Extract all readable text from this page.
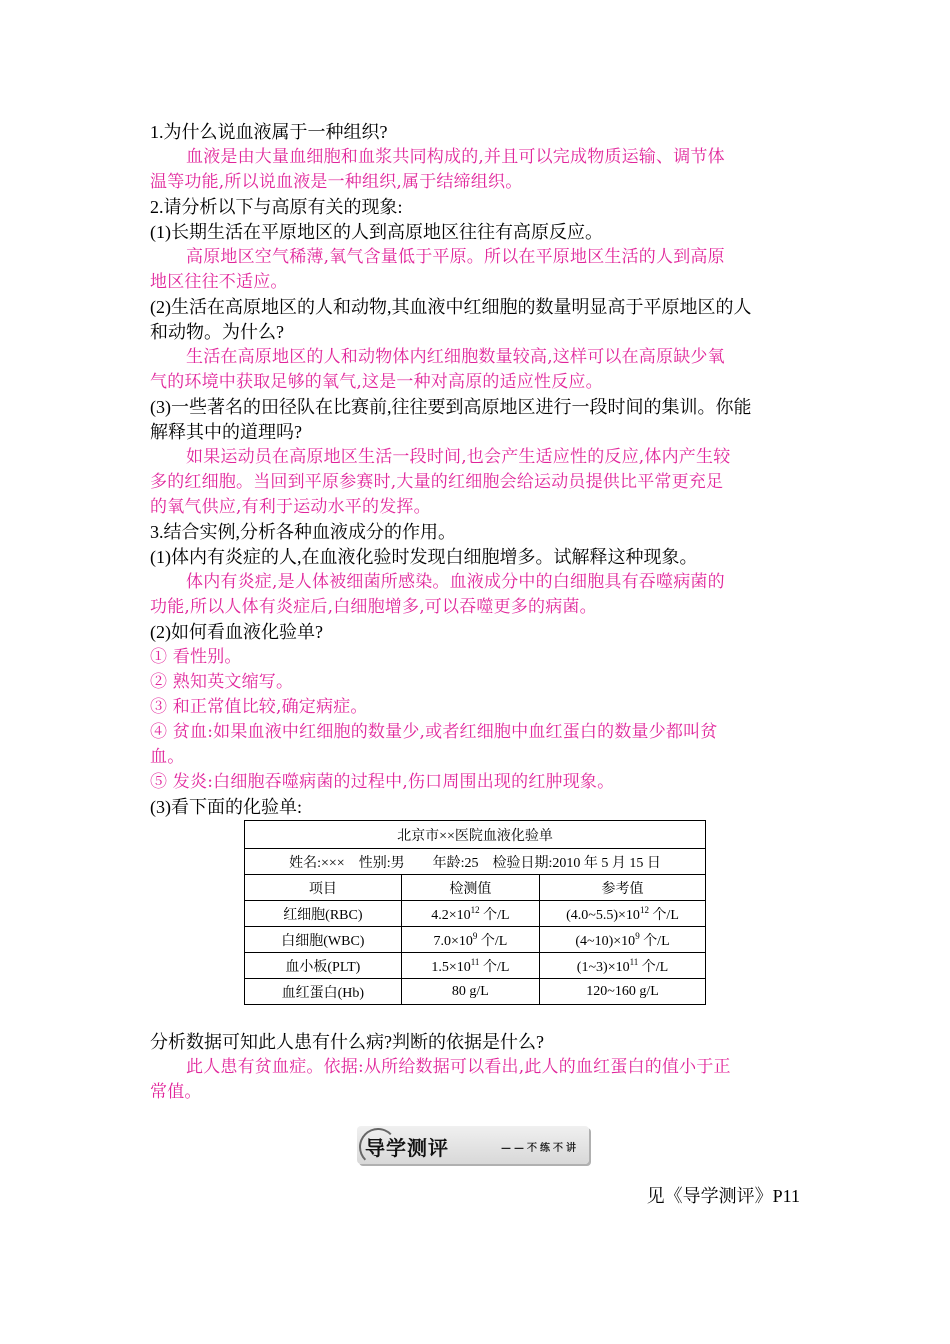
1.为什么说血液属于一种组织?

血液是由大量血细胞和血浆共同构成的,并且可以完成物质运输、调节体

温等功能,所以说血液是一种组织,属于结缔组织。

2.请分析以下与高原有关的现象:

(1)长期生活在平原地区的人到高原地区往往有高原反应。

高原地区空气稀薄,氧气含量低于平原。所以在平原地区生活的人到高原

地区往往不适应。

(2)生活在高原地区的人和动物,其血液中红细胞的数量明显高于平原地区的人

和动物。为什么?

生活在高原地区的人和动物体内红细胞数量较高,这样可以在高原缺少氧

气的环境中获取足够的氧气,这是一种对高原的适应性反应。

(3)一些著名的田径队在比赛前,往往要到高原地区进行一段时间的集训。你能

解释其中的道理吗?

如果运动员在高原地区生活一段时间,也会产生适应性的反应,体内产生较

多的红细胞。当回到平原参赛时,大量的红细胞会给运动员提供比平常更充足

的氧气供应,有利于运动水平的发挥。

3.结合实例,分析各种血液成分的作用。

(1)体内有炎症的人,在血液化验时发现白细胞增多。试解释这种现象。

体内有炎症,是人体被细菌所感染。血液成分中的白细胞具有吞噬病菌的

功能,所以人体有炎症后,白细胞增多,可以吞噬更多的病菌。

(2)如何看血液化验单?

① 看性别。

② 熟知英文缩写。

③ 和正常值比较,确定病症。

④ 贫血:如果血液中红细胞的数量少,或者红细胞中血红蛋白的数量少都叫贫

血。

⑤ 发炎:白细胞吞噬病菌的过程中,伤口周围出现的红肿现象。

(3)看下面的化验单:

北京市××医院血液化验单		
姓名:×××　性别:男　　年龄:25　检验日期:2010 年 5 月 15 日		
项目	检测值	参考值
红细胞(RBC)	$4.2\times 10^{12}$ 个/L	$(4.0\sim 5.5)\times 10^{12}$ 个/L
白细胞(WBC)	$7.0\times 10^9$ 个/L	$(4\sim 10)\times 10^9$ 个/L
血小板(PLT)	$1.5\times 10^{11}$ 个/L	$(1\sim 3)\times 10^{11}$ 个/L
血红蛋白(Hb)	80 g/L	120~160 g/L

分析数据可知此人患有什么病?判断的依据是什么?

此人患有贫血症。依据:从所给数据可以看出,此人的血红蛋白的值小于正

常值。

导学测评	——不练不讲
见《导学测评》P11
